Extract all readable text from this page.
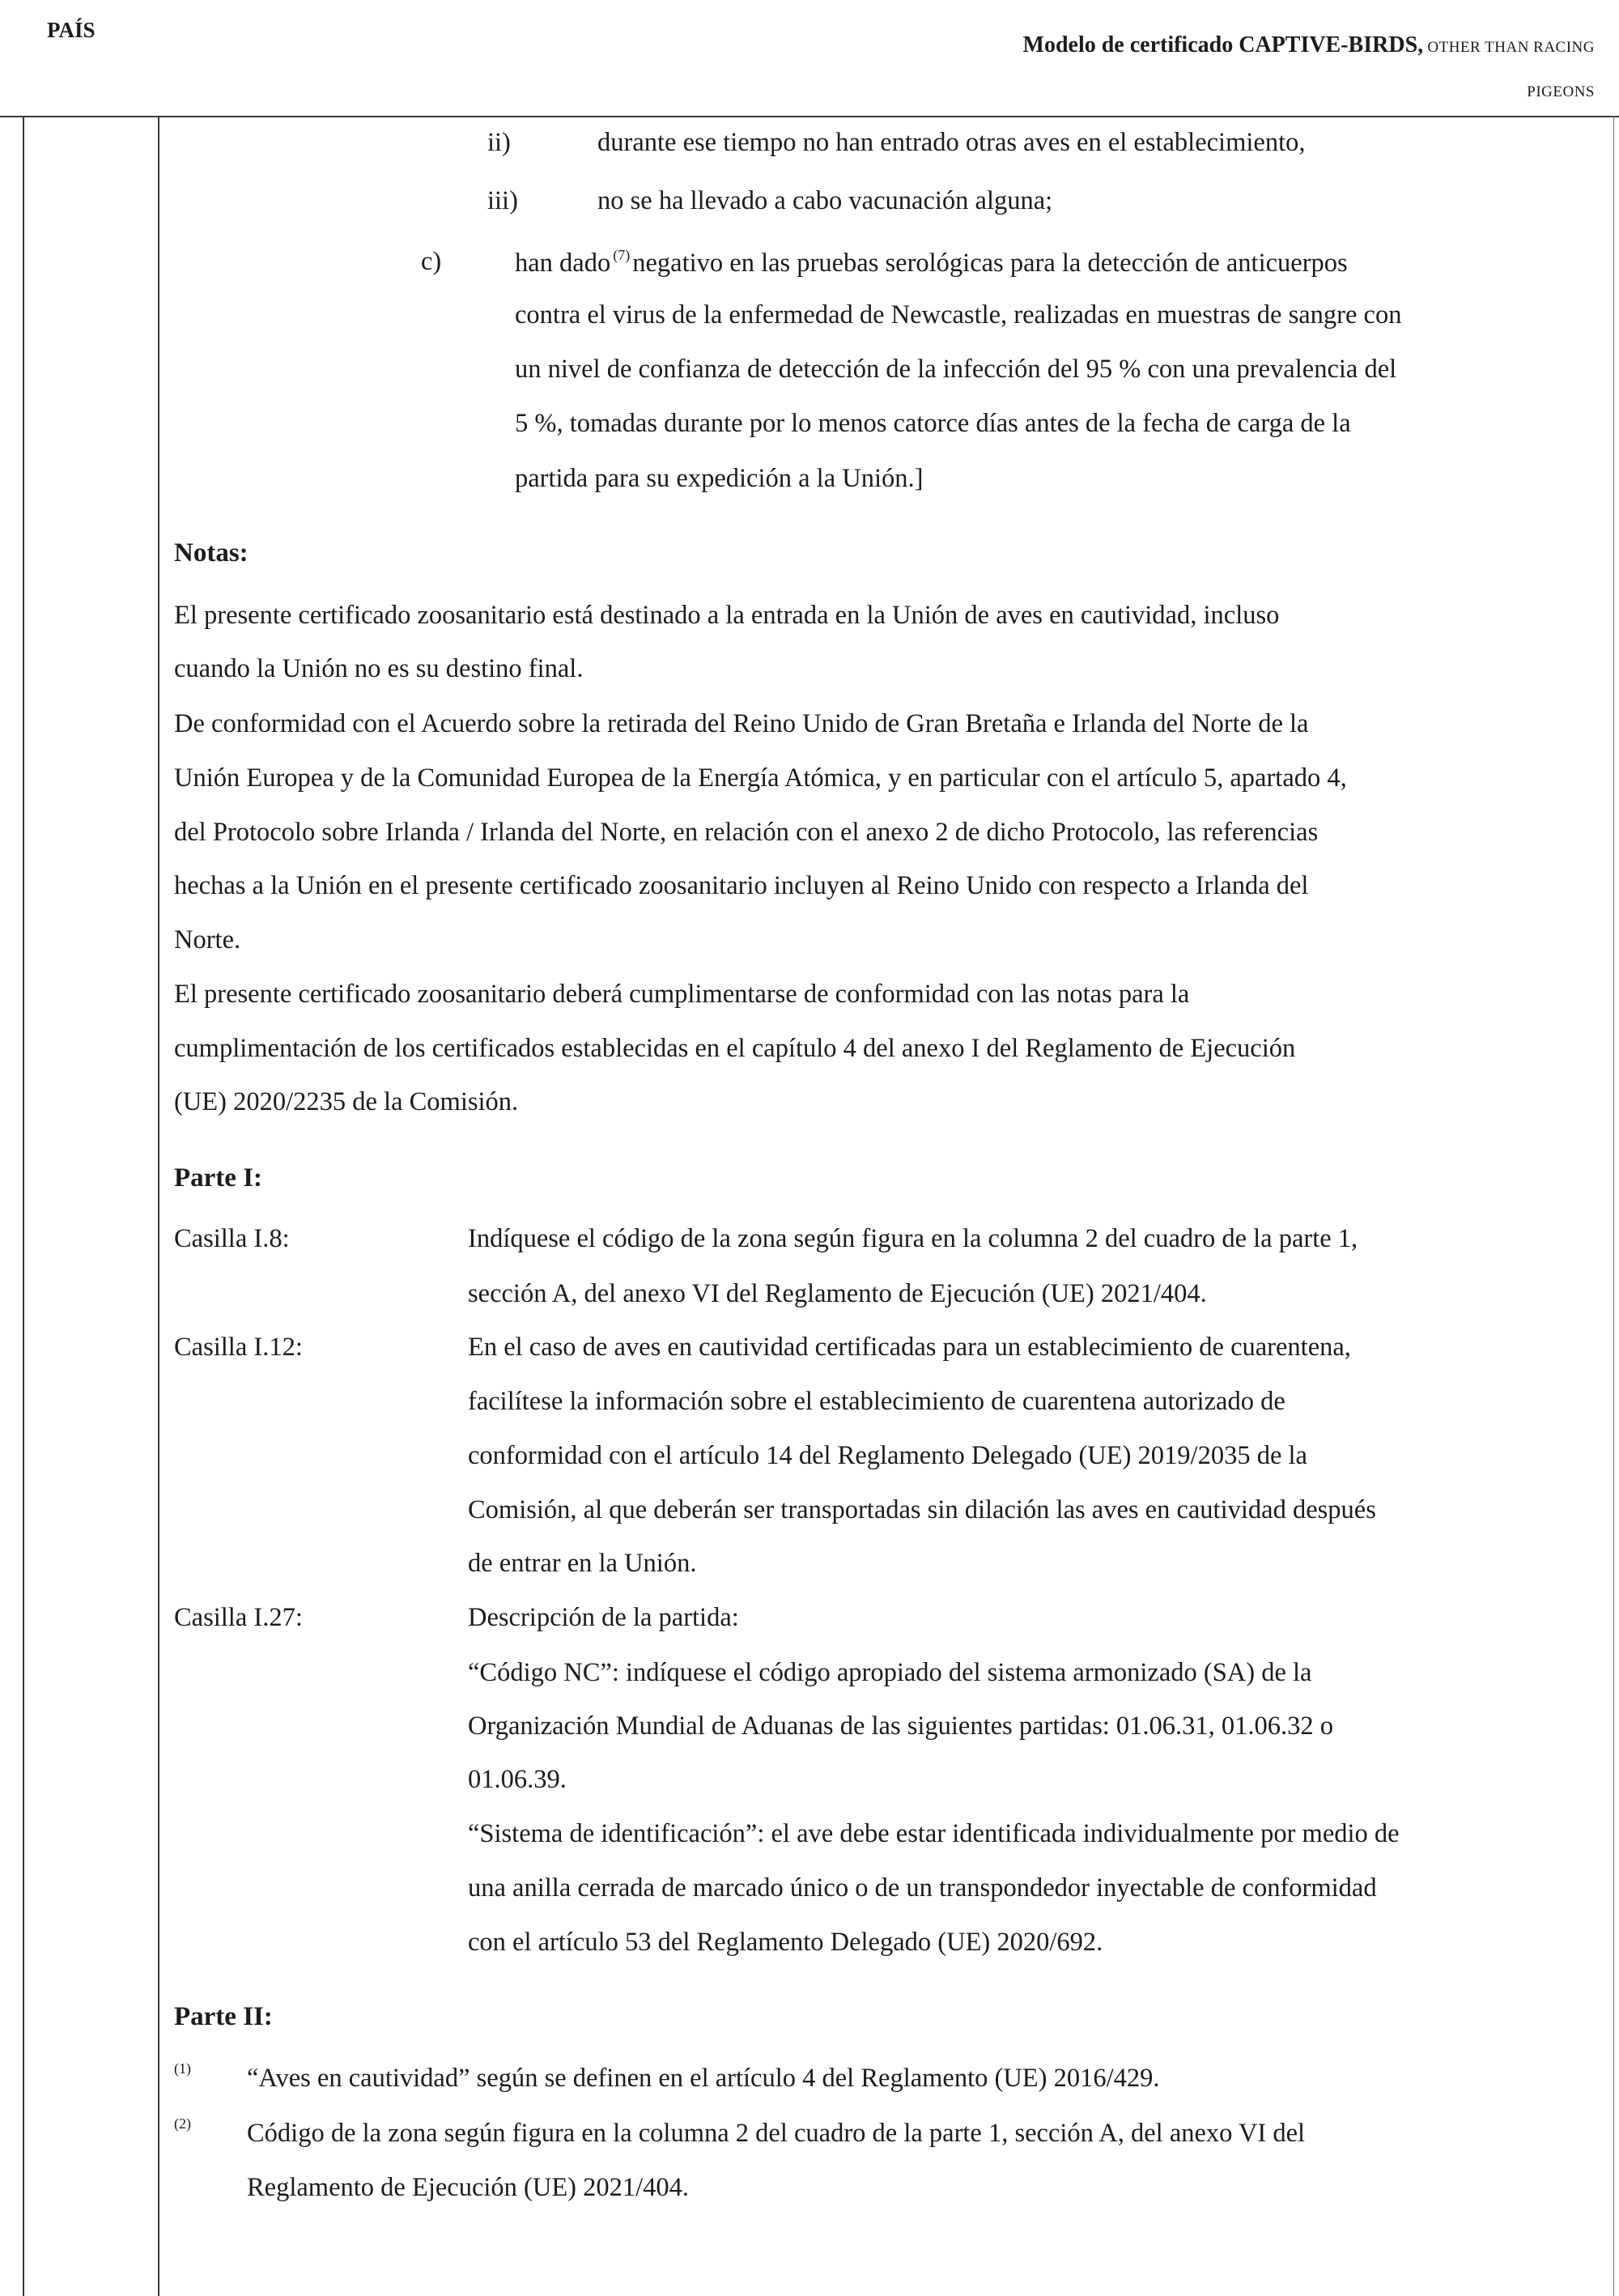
PAÍS
Modelo de certificado CAPTIVE-BIRDS, OTHER THAN RACING
PIGEONS
ii)	durante ese tiempo no han entrado otras aves en el establecimiento,
iii)	no se ha llevado a cabo vacunación alguna;
c)	han dado $^{(7)}$negativo en las pruebas serológicas para la detección de anticuerpos
contra el virus de la enfermedad de Newcastle, realizadas en muestras de sangre con
un nivel de confianza de detección de la infección del 95 % con una prevalencia del
5 %, tomadas durante por lo menos catorce días antes de la fecha de carga de la
partida para su expedición a la Unión.]
Notas:
El presente certificado zoosanitario está destinado a la entrada en la Unión de aves en cautividad, incluso
cuando la Unión no es su destino final.
De conformidad con el Acuerdo sobre la retirada del Reino Unido de Gran Bretaña e Irlanda del Norte de la
Unión Europea y de la Comunidad Europea de la Energía Atómica, y en particular con el artículo 5, apartado 4,
del Protocolo sobre Irlanda / Irlanda del Norte, en relación con el anexo 2 de dicho Protocolo, las referencias
hechas a la Unión en el presente certificado zoosanitario incluyen al Reino Unido con respecto a Irlanda del
Norte.
El presente certificado zoosanitario deberá cumplimentarse de conformidad con las notas para la
cumplimentación de los certificados establecidas en el capítulo 4 del anexo I del Reglamento de Ejecución
(UE) 2020/2235 de la Comisión.
Parte I:
Casilla I.8:	Indíquese el código de la zona según figura en la columna 2 del cuadro de la parte 1,
sección A, del anexo VI del Reglamento de Ejecución (UE) 2021/404.
Casilla I.12:	En el caso de aves en cautividad certificadas para un establecimiento de cuarentena,
facilítese la información sobre el establecimiento de cuarentena autorizado de
conformidad con el artículo 14 del Reglamento Delegado (UE) 2019/2035 de la
Comisión, al que deberán ser transportadas sin dilación las aves en cautividad después
de entrar en la Unión.
Casilla I.27:	Descripción de la partida:
“Código NC”: indíquese el código apropiado del sistema armonizado (SA) de la
Organización Mundial de Aduanas de las siguientes partidas: 01.06.31, 01.06.32 o
01.06.39.
“Sistema de identificación”: el ave debe estar identificada individualmente por medio de
una anilla cerrada de marcado único o de un transpondedor inyectable de conformidad
con el artículo 53 del Reglamento Delegado (UE) 2020/692.
Parte II:
(1) “Aves en cautividad” según se definen en el artículo 4 del Reglamento (UE) 2016/429.
(2) Código de la zona según figura en la columna 2 del cuadro de la parte 1, sección A, del anexo VI del
Reglamento de Ejecución (UE) 2021/404.
